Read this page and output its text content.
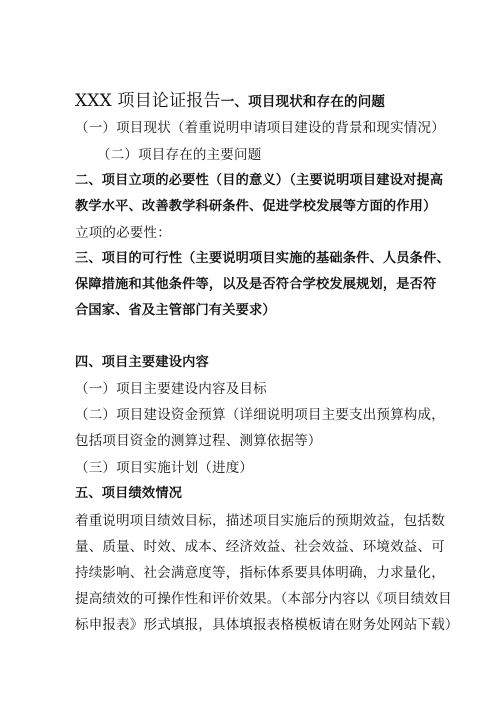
XXX 项目论证报告一、项目现状和存在的问题
（一）项目现状（着重说明申请项目建设的背景和现实情况）
（二）项目存在的主要问题
二、项目立项的必要性（目的意义）（主要说明项目建设对提高
教学水平、改善教学科研条件、促进学校发展等方面的作用）
立项的必要性：
三、项目的可行性（主要说明项目实施的基础条件、人员条件、
保障措施和其他条件等，以及是否符合学校发展规划，是否符
合国家、省及主管部门有关要求）
四、项目主要建设内容
（一）项目主要建设内容及目标
（二）项目建设资金预算（详细说明项目主要支出预算构成，
包括项目资金的测算过程、测算依据等）
（三）项目实施计划（进度）
五、项目绩效情况
着重说明项目绩效目标，描述项目实施后的预期效益，包括数
量、质量、时效、成本、经济效益、社会效益、环境效益、可
持续影响、社会满意度等，指标体系要具体明确，力求量化，
提高绩效的可操作性和评价效果。（本部分内容以《项目绩效目
标申报表》形式填报，具体填报表格模板请在财务处网站下载）
